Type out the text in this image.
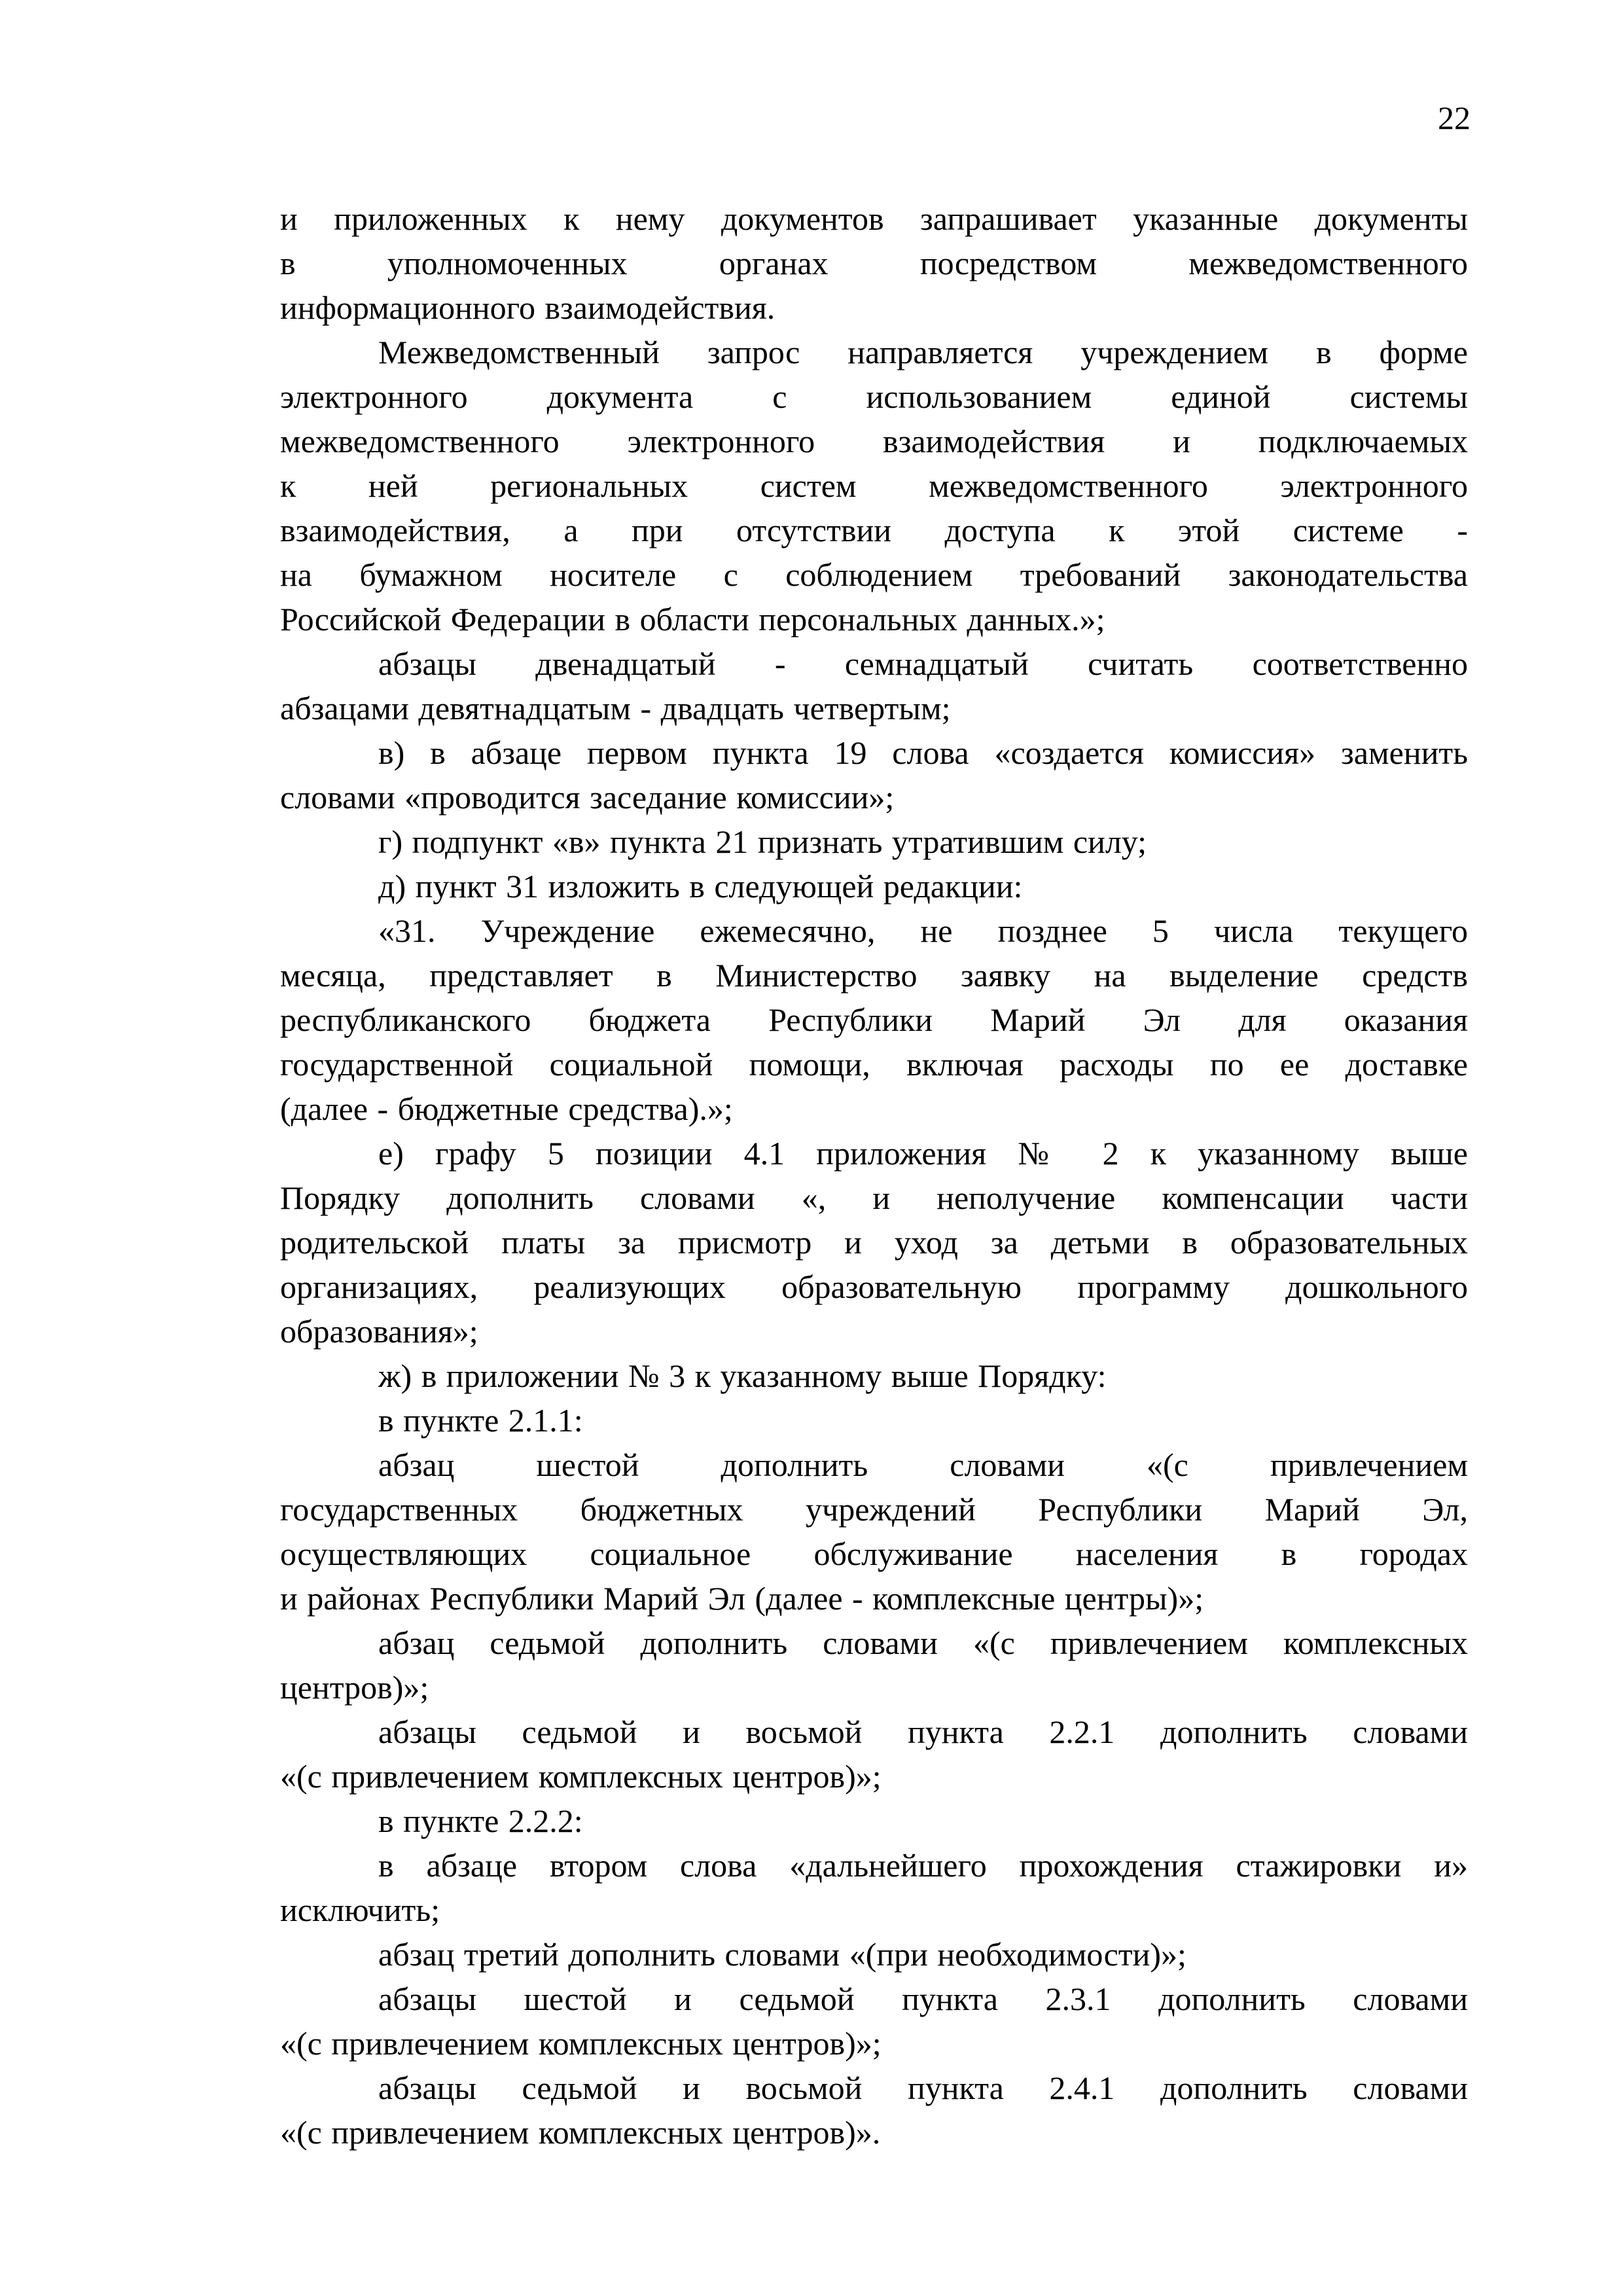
22
и приложенных к нему документов запрашивает указанные документы
в уполномоченных органах посредством межведомственного
информационного взаимодействия.
Межведомственный запрос направляется учреждением в форме
электронного документа с использованием единой системы
межведомственного электронного взаимодействия и подключаемых
к ней региональных систем межведомственного электронного
взаимодействия, а при отсутствии доступа к этой системе -
на бумажном носителе с соблюдением требований законодательства
Российской Федерации в области персональных данных.»;
абзацы двенадцатый - семнадцатый считать соответственно
абзацами девятнадцатым - двадцать четвертым;
в) в абзаце первом пункта 19 слова «создается комиссия» заменить
словами «проводится заседание комиссии»;
г) подпункт «в» пункта 21 признать утратившим силу;
д) пункт 31 изложить в следующей редакции:
«31. Учреждение ежемесячно, не позднее 5 числа текущего
месяца, представляет в Министерство заявку на выделение средств
республиканского бюджета Республики Марий Эл для оказания
государственной социальной помощи, включая расходы по ее доставке
(далее - бюджетные средства).»;
е) графу 5 позиции 4.1 приложения № 2 к указанному выше
Порядку дополнить словами «, и неполучение компенсации части
родительской платы за присмотр и уход за детьми в образовательных
организациях, реализующих образовательную программу дошкольного
образования»;
ж) в приложении № 3 к указанному выше Порядку:
в пункте 2.1.1:
абзац шестой дополнить словами «(с привлечением
государственных бюджетных учреждений Республики Марий Эл,
осуществляющих социальное обслуживание населения в городах
и районах Республики Марий Эл (далее - комплексные центры)»;
абзац седьмой дополнить словами «(с привлечением комплексных
центров)»;
абзацы седьмой и восьмой пункта 2.2.1 дополнить словами
«(с привлечением комплексных центров)»;
в пункте 2.2.2:
в абзаце втором слова «дальнейшего прохождения стажировки и»
исключить;
абзац третий дополнить словами «(при необходимости)»;
абзацы шестой и седьмой пункта 2.3.1 дополнить словами
«(с привлечением комплексных центров)»;
абзацы седьмой и восьмой пункта 2.4.1 дополнить словами
«(с привлечением комплексных центров)».
